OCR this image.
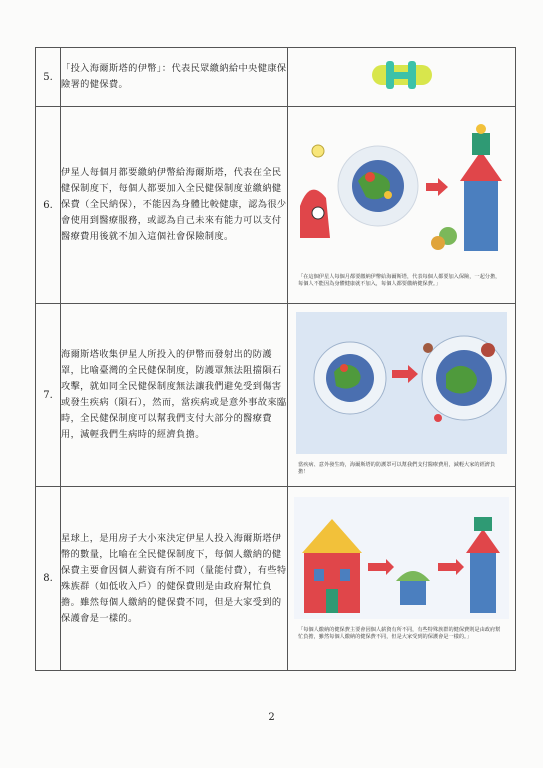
5.	「投入海爾斯塔的伊幣」：代表民眾繳納給中央健康保險署的健保費。	

6.	伊星人每個月都要繳納伊幣給海爾斯塔，代表在全民健保制度下，每個人都要加入全民健保制度並繳納健保費（全民納保），不能因為身體比較健康，認為很少會使用到醫療服務，或認為自己未來有能力可以支付醫療費用後就不加入這個社會保險制度。	「在這個伊星人每個月都要繳納伊幣給海爾斯塔，代表每個人都要加入保險，一起分擔，每個人不能因為身體健康就不加入，每個人都要繳納健保費。」

7.	海爾斯塔收集伊星人所投入的伊幣而發射出的防護罩，比喻臺灣的全民健保制度，防護罩無法阻擋隕石攻擊，就如同全民健保制度無法讓我們避免受到傷害或發生疾病（隕石），然而，當疾病或是意外事故來臨時，全民健保制度可以幫我們支付大部分的醫療費用，減輕我們生病時的經濟負擔。	當疾病、意外發生時，海爾斯塔的防護罩可以幫我們支付醫療費用，減輕大家的經濟負擔！

8.	星球上，是用房子大小來決定伊星人投入海爾斯塔伊幣的數量，比喻在全民健保制度下，每個人繳納的健保費主要會因個人薪資有所不同（量能付費），有些特殊族群（如低收入戶）的健保費則是由政府幫忙負擔。雖然每個人繳納的健保費不同，但是大家受到的保護會是一樣的。	「每個人繳納的健保費主要會因個人薪資有所不同，有些特殊族群的健保費則是由政府幫忙負擔，雖然每個人繳納的健保費不同，但是大家受到的保護會是一樣的。」
2
